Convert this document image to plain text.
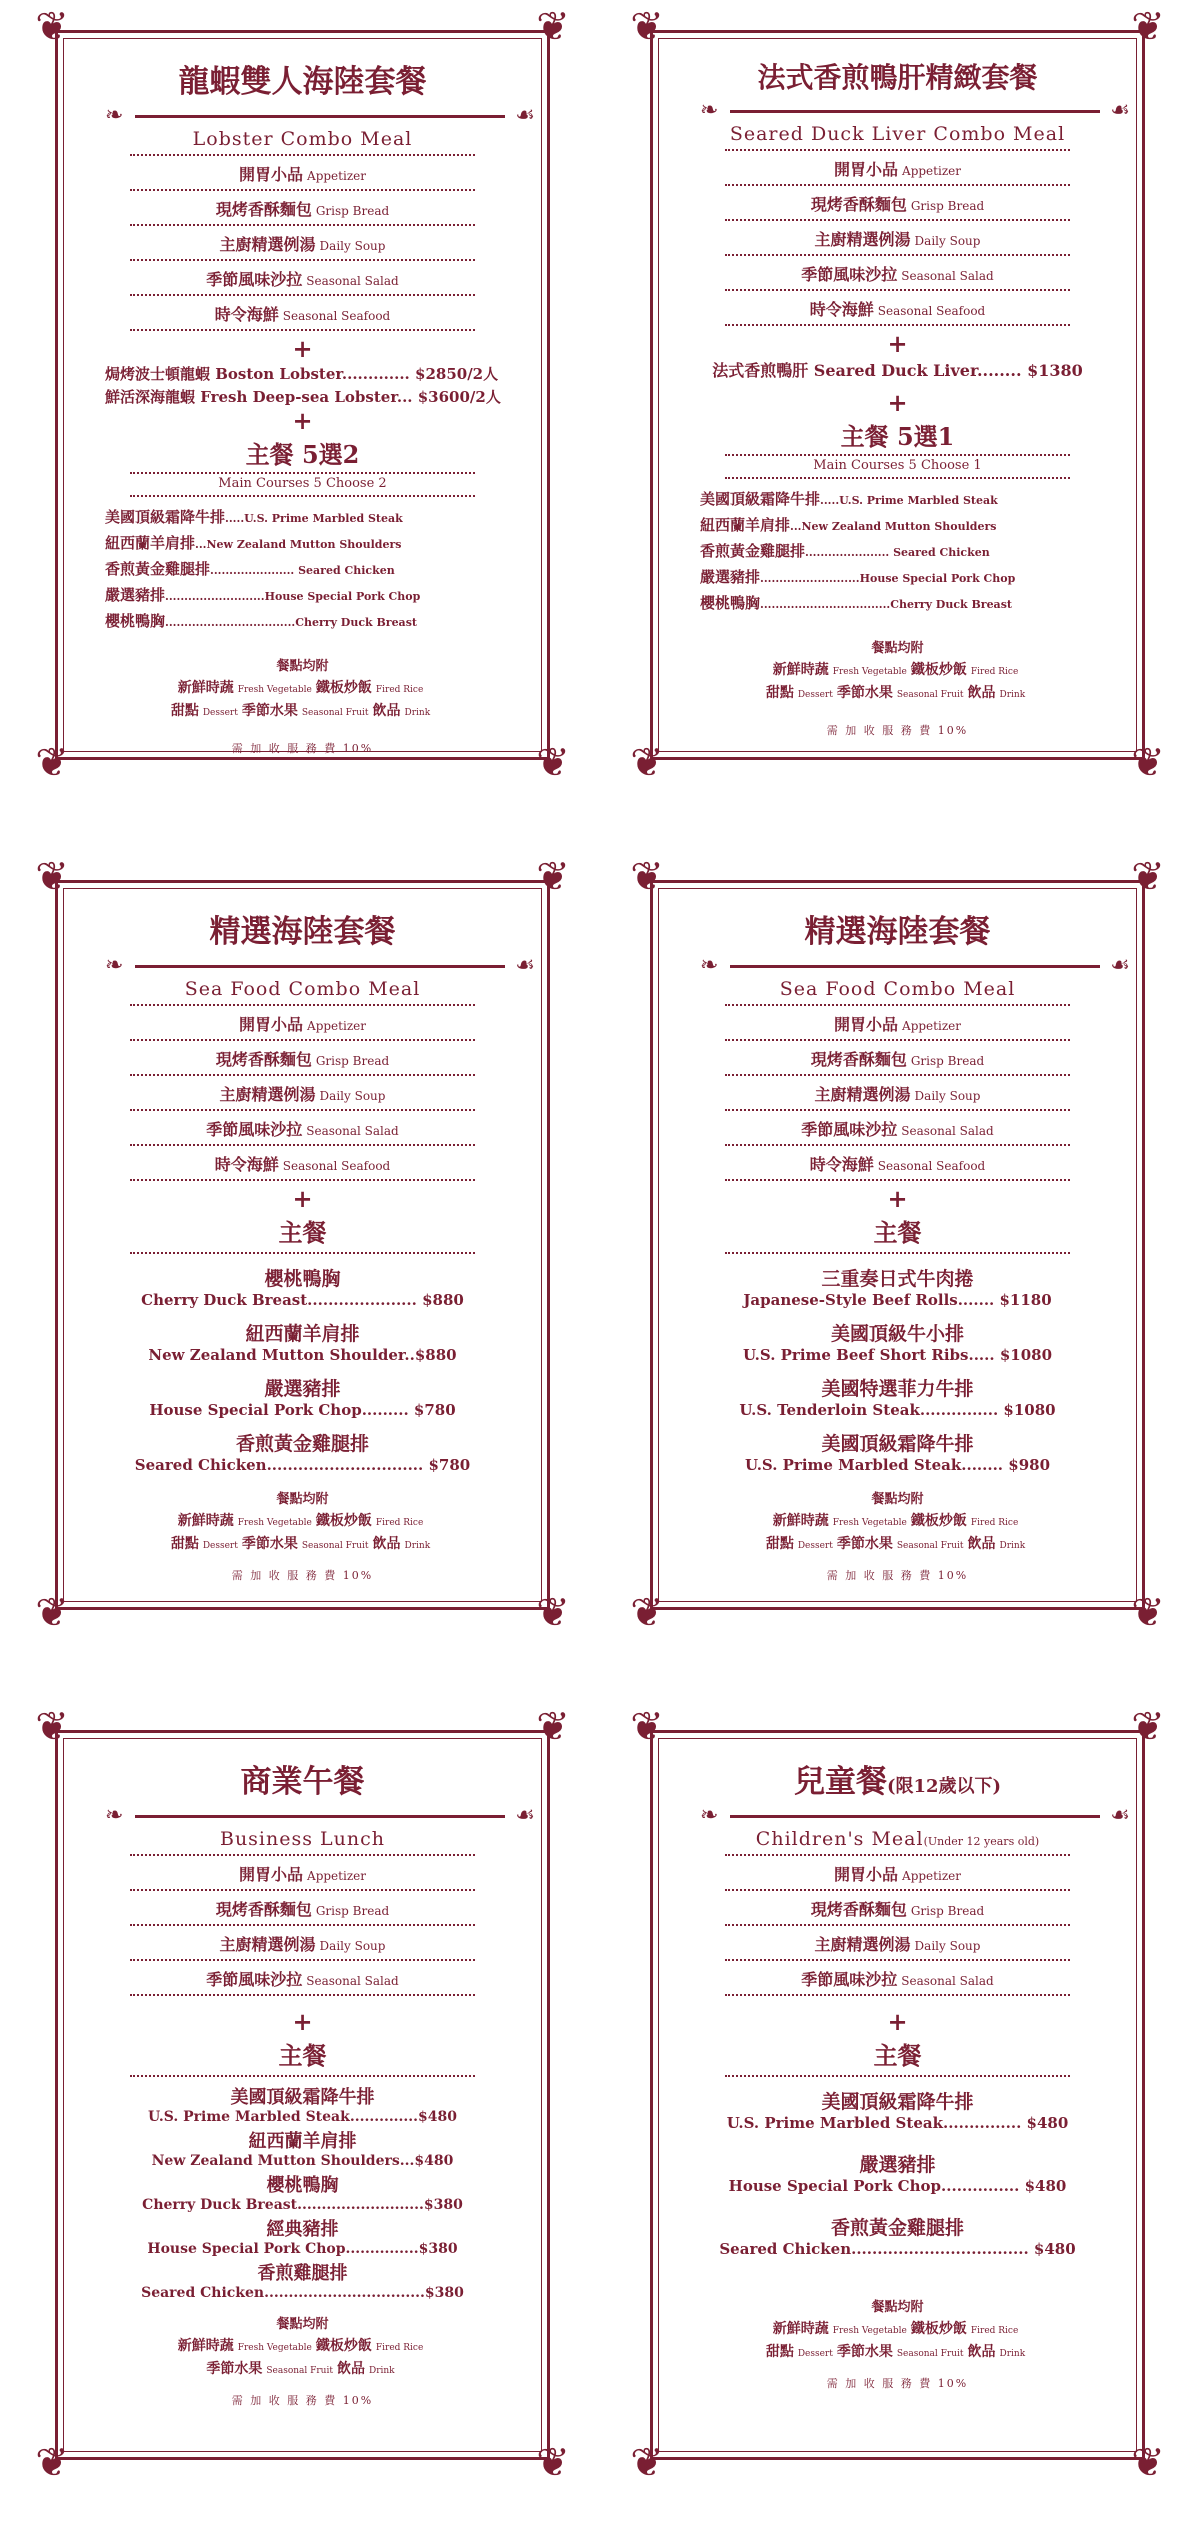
❦	❦
❦	❦
龍蝦雙人海陸套餐
❧	☙
Lobster Combo Meal
開胃小品 Appetizer
現烤香酥麵包 Grisp Bread
主廚精選例湯 Daily Soup
季節風味沙拉 Seasonal Salad
時令海鮮 Seasonal Seafood
+
焗烤波士頓龍蝦 Boston Lobster............. $2850/2人
鮮活深海龍蝦 Fresh Deep-sea Lobster... $3600/2人
+
主餐 5選2
Main Courses 5 Choose 2
美國頂級霜降牛排.....U.S. Prime Marbled Steak
紐西蘭羊肩排...New Zealand Mutton Shoulders
香煎黃金雞腿排...................... Seared Chicken
嚴選豬排..........................House Special Pork Chop
櫻桃鴨胸..................................Cherry Duck Breast
餐點均附
新鮮時蔬 Fresh Vegetable 鐵板炒飯 Fired Rice
甜點 Dessert 季節水果 Seasonal Fruit 飲品 Drink
需 加 收 服 務 費 10%
❦	❦
❦	❦
法式香煎鴨肝精緻套餐
❧	☙
Seared Duck Liver Combo Meal
開胃小品 Appetizer
現烤香酥麵包 Grisp Bread
主廚精選例湯 Daily Soup
季節風味沙拉 Seasonal Salad
時令海鮮 Seasonal Seafood
+
法式香煎鴨肝 Seared Duck Liver........ $1380
+
主餐 5選1
Main Courses 5 Choose 1
美國頂級霜降牛排.....U.S. Prime Marbled Steak
紐西蘭羊肩排...New Zealand Mutton Shoulders
香煎黃金雞腿排...................... Seared Chicken
嚴選豬排..........................House Special Pork Chop
櫻桃鴨胸..................................Cherry Duck Breast
餐點均附
新鮮時蔬 Fresh Vegetable 鐵板炒飯 Fired Rice
甜點 Dessert 季節水果 Seasonal Fruit 飲品 Drink
需 加 收 服 務 費 10%
❦	❦
❦	❦
精選海陸套餐
❧	☙
Sea Food Combo Meal
開胃小品 Appetizer
現烤香酥麵包 Grisp Bread
主廚精選例湯 Daily Soup
季節風味沙拉 Seasonal Salad
時令海鮮 Seasonal Seafood
+
主餐
櫻桃鴨胸
Cherry Duck Breast..................... $880
紐西蘭羊肩排
New Zealand Mutton Shoulder..$880
嚴選豬排
House Special Pork Chop......... $780
香煎黃金雞腿排
Seared Chicken.............................. $780
餐點均附
新鮮時蔬 Fresh Vegetable 鐵板炒飯 Fired Rice
甜點 Dessert 季節水果 Seasonal Fruit 飲品 Drink
需 加 收 服 務 費 10%
❦	❦
❦	❦
精選海陸套餐
❧	☙
Sea Food Combo Meal
開胃小品 Appetizer
現烤香酥麵包 Grisp Bread
主廚精選例湯 Daily Soup
季節風味沙拉 Seasonal Salad
時令海鮮 Seasonal Seafood
+
主餐
三重奏日式牛肉捲
Japanese-Style Beef Rolls....... $1180
美國頂級牛小排
U.S. Prime Beef Short Ribs..... $1080
美國特選菲力牛排
U.S. Tenderloin Steak............... $1080
美國頂級霜降牛排
U.S. Prime Marbled Steak........ $980
餐點均附
新鮮時蔬 Fresh Vegetable 鐵板炒飯 Fired Rice
甜點 Dessert 季節水果 Seasonal Fruit 飲品 Drink
需 加 收 服 務 費 10%
❦	❦
❦	❦
商業午餐
❧	☙
Business Lunch
開胃小品 Appetizer
現烤香酥麵包 Grisp Bread
主廚精選例湯 Daily Soup
季節風味沙拉 Seasonal Salad
+
主餐
美國頂級霜降牛排
U.S. Prime Marbled Steak..............$480
紐西蘭羊肩排
New Zealand Mutton Shoulders...$480
櫻桃鴨胸
Cherry Duck Breast..........................$380
經典豬排
House Special Pork Chop...............$380
香煎雞腿排
Seared Chicken.................................$380
餐點均附
新鮮時蔬 Fresh Vegetable 鐵板炒飯 Fired Rice
季節水果 Seasonal Fruit 飲品 Drink
需 加 收 服 務 費 10%
❦	❦
❦	❦
兒童餐(限12歲以下)
❧	☙
Children's Meal(Under 12 years old)
開胃小品 Appetizer
現烤香酥麵包 Grisp Bread
主廚精選例湯 Daily Soup
季節風味沙拉 Seasonal Salad
+
主餐
美國頂級霜降牛排
U.S. Prime Marbled Steak............... $480
嚴選豬排
House Special Pork Chop............... $480
香煎黃金雞腿排
Seared Chicken.................................. $480
餐點均附
新鮮時蔬 Fresh Vegetable 鐵板炒飯 Fired Rice
甜點 Dessert 季節水果 Seasonal Fruit 飲品 Drink
需 加 收 服 務 費 10%
